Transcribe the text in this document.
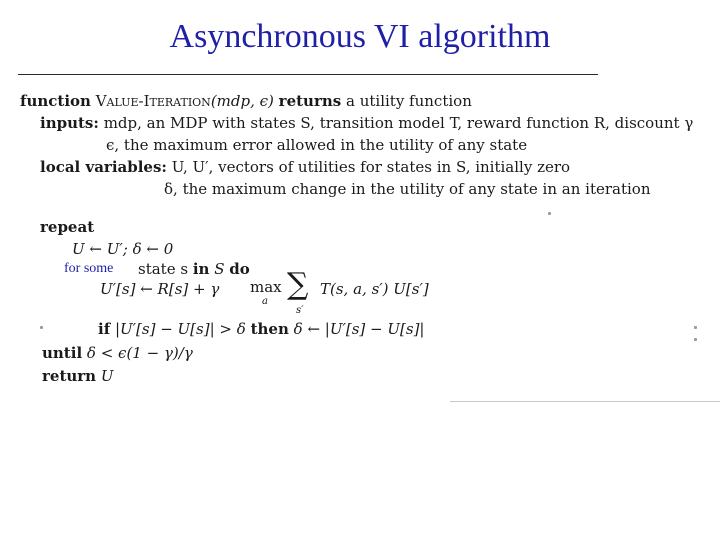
Asynchronous VI algorithm
function Value-Iteration(mdp, ϵ) returns a utility function
inputs: mdp, an MDP with states S, transition model T, reward function R, discount γ
ϵ, the maximum error allowed in the utility of any state
local variables: U, U′, vectors of utilities for states in S, initially zero
δ, the maximum change in the utility of any state in an iteration
repeat
U ← U′; δ ← 0
for some state s in S do
U′[s] ← R[s] + γ max
a ∑
s′
T(s, a, s′) U[s′]
if |U′[s] − U[s]| > δ then δ ← |U′[s] − U[s]|
until δ < ϵ(1 − γ)/γ
return U
